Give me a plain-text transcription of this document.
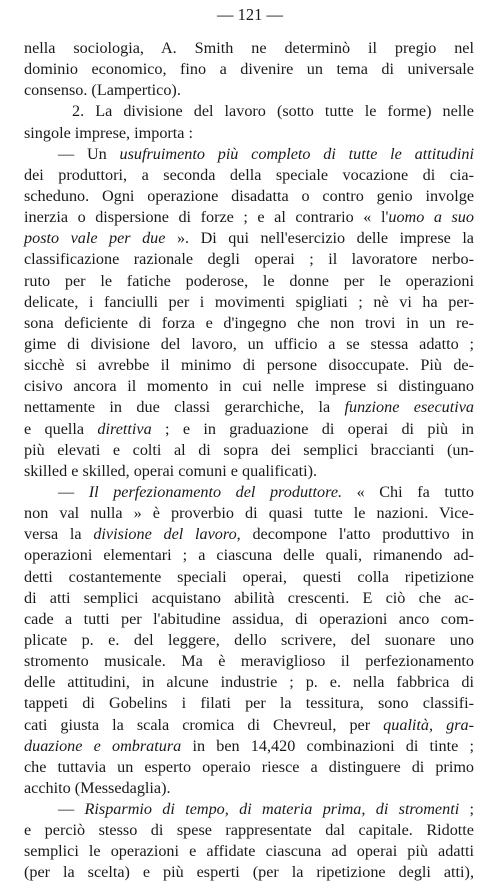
— 121 —
nella sociologia, A. Smith ne determinò il pregio nel
dominio economico, fino a divenire un tema di universale
consenso. (Lampertico).
2. La divisione del lavoro (sotto tutte le forme) nelle
singole imprese, importa :
— Un usufruimento più completo di tutte le attitudini
dei produttori, a seconda della speciale vocazione di cia-
scheduno. Ogni operazione disadatta o contro genio involge
inerzia o dispersione di forze ; e al contrario « l'uomo a suo
posto vale per due ». Di qui nell'esercizio delle imprese la
classificazione razionale degli operai ; il lavoratore nerbo-
ruto per le fatiche poderose, le donne per le operazioni
delicate, i fanciulli per i movimenti spigliati ; nè vi ha per-
sona deficiente di forza e d'ingegno che non trovi in un re-
gime di divisione del lavoro, un ufficio a se stessa adatto ;
sicchè si avrebbe il minimo di persone disoccupate. Più de-
cisivo ancora il momento in cui nelle imprese si distinguano
nettamente in due classi gerarchiche, la funzione esecutiva
e quella direttiva ; e in graduazione di operai di più in
più elevati e colti al di sopra dei semplici braccianti (un-
skilled e skilled, operai comuni e qualificati).
— Il perfezionamento del produttore. « Chi fa tutto
non val nulla » è proverbio di quasi tutte le nazioni. Vice-
versa la divisione del lavoro, decompone l'atto produttivo in
operazioni elementari ; a ciascuna delle quali, rimanendo ad-
detti costantemente speciali operai, questi colla ripetizione
di atti semplici acquistano abilità crescenti. E ciò che ac-
cade a tutti per l'abitudine assidua, di operazioni anco com-
plicate p. e. del leggere, dello scrivere, del suonare uno
stromento musicale. Ma è meraviglioso il perfezionamento
delle attitudini, in alcune industrie ; p. e. nella fabbrica di
tappeti di Gobelins i filati per la tessitura, sono classifi-
cati giusta la scala cromica di Chevreul, per qualità, gra-
duazione e ombratura in ben 14,420 combinazioni di tinte ;
che tuttavia un esperto operaio riesce a distinguere di primo
acchito (Messedaglia).
— Risparmio di tempo, di materia prima, di stromenti ;
e perciò stesso di spese rappresentate dal capitale. Ridotte
semplici le operazioni e affidate ciascuna ad operai più adatti
(per la scelta) e più esperti (per la ripetizione degli atti),
